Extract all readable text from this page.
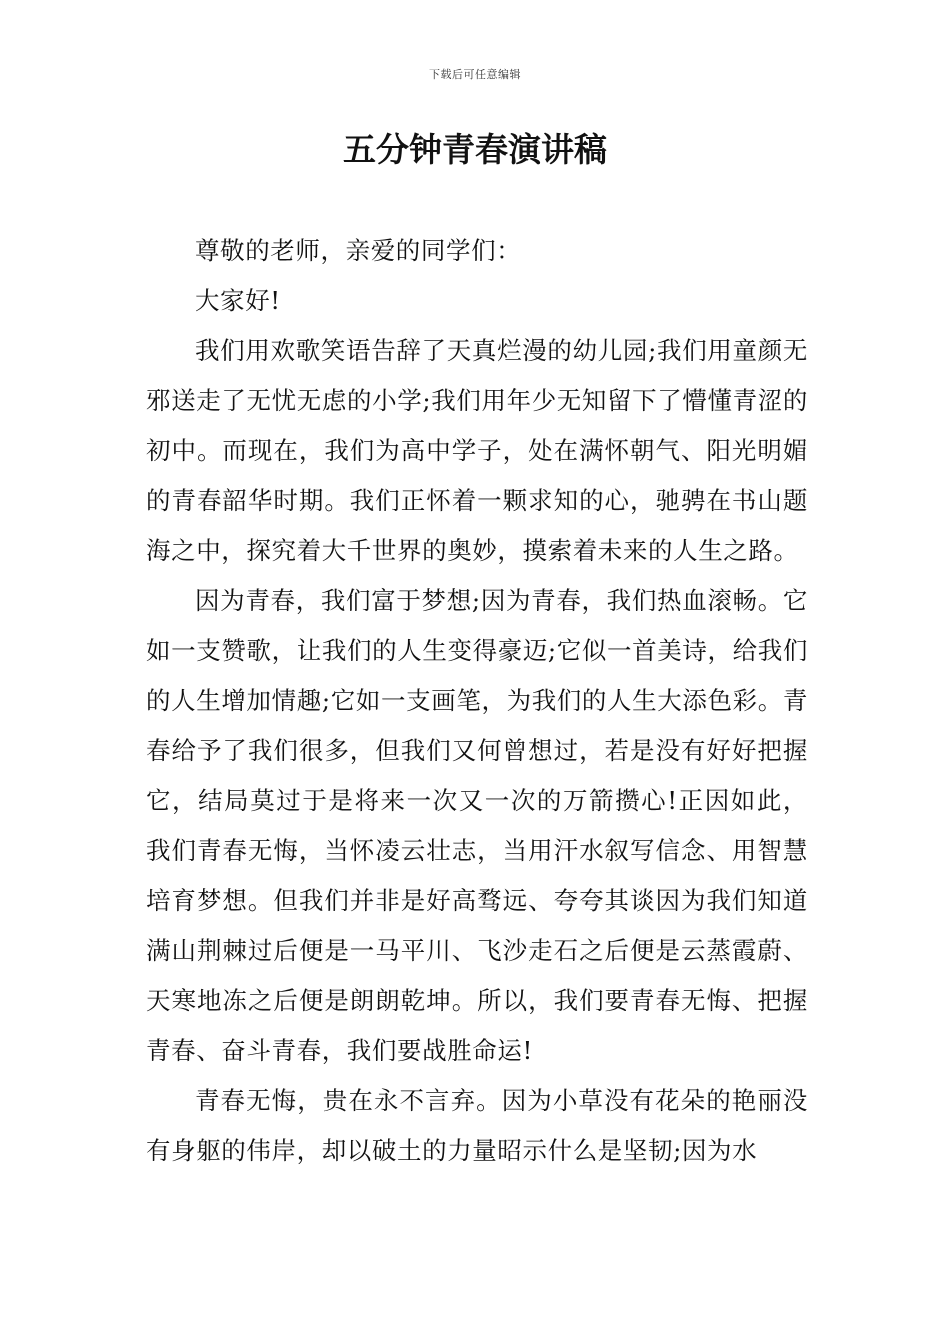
下载后可任意编辑
五分钟青春演讲稿

尊敬的老师，亲爱的同学们：

大家好!

我们用欢歌笑语告辞了天真烂漫的幼儿园;我们用童颜无邪送走了无忧无虑的小学;我们用年少无知留下了懵懂青涩的初中。而现在，我们为高中学子，处在满怀朝气、阳光明媚的青春韶华时期。我们正怀着一颗求知的心，驰骋在书山题海之中，探究着大千世界的奥妙，摸索着未来的人生之路。

因为青春，我们富于梦想;因为青春，我们热血滚畅。它如一支赞歌，让我们的人生变得豪迈;它似一首美诗，给我们的人生增加情趣;它如一支画笔，为我们的人生大添色彩。青春给予了我们很多，但我们又何曾想过，若是没有好好把握它，结局莫过于是将来一次又一次的万箭攒心!正因如此，我们青春无悔，当怀凌云壮志，当用汗水叙写信念、用智慧培育梦想。但我们并非是好高骛远、夸夸其谈因为我们知道满山荆棘过后便是一马平川、飞沙走石之后便是云蒸霞蔚、天寒地冻之后便是朗朗乾坤。所以，我们要青春无悔、把握青春、奋斗青春，我们要战胜命运!

青春无悔，贵在永不言弃。因为小草没有花朵的艳丽没有身躯的伟岸，却以破土的力量昭示什么是坚韧;因为水
